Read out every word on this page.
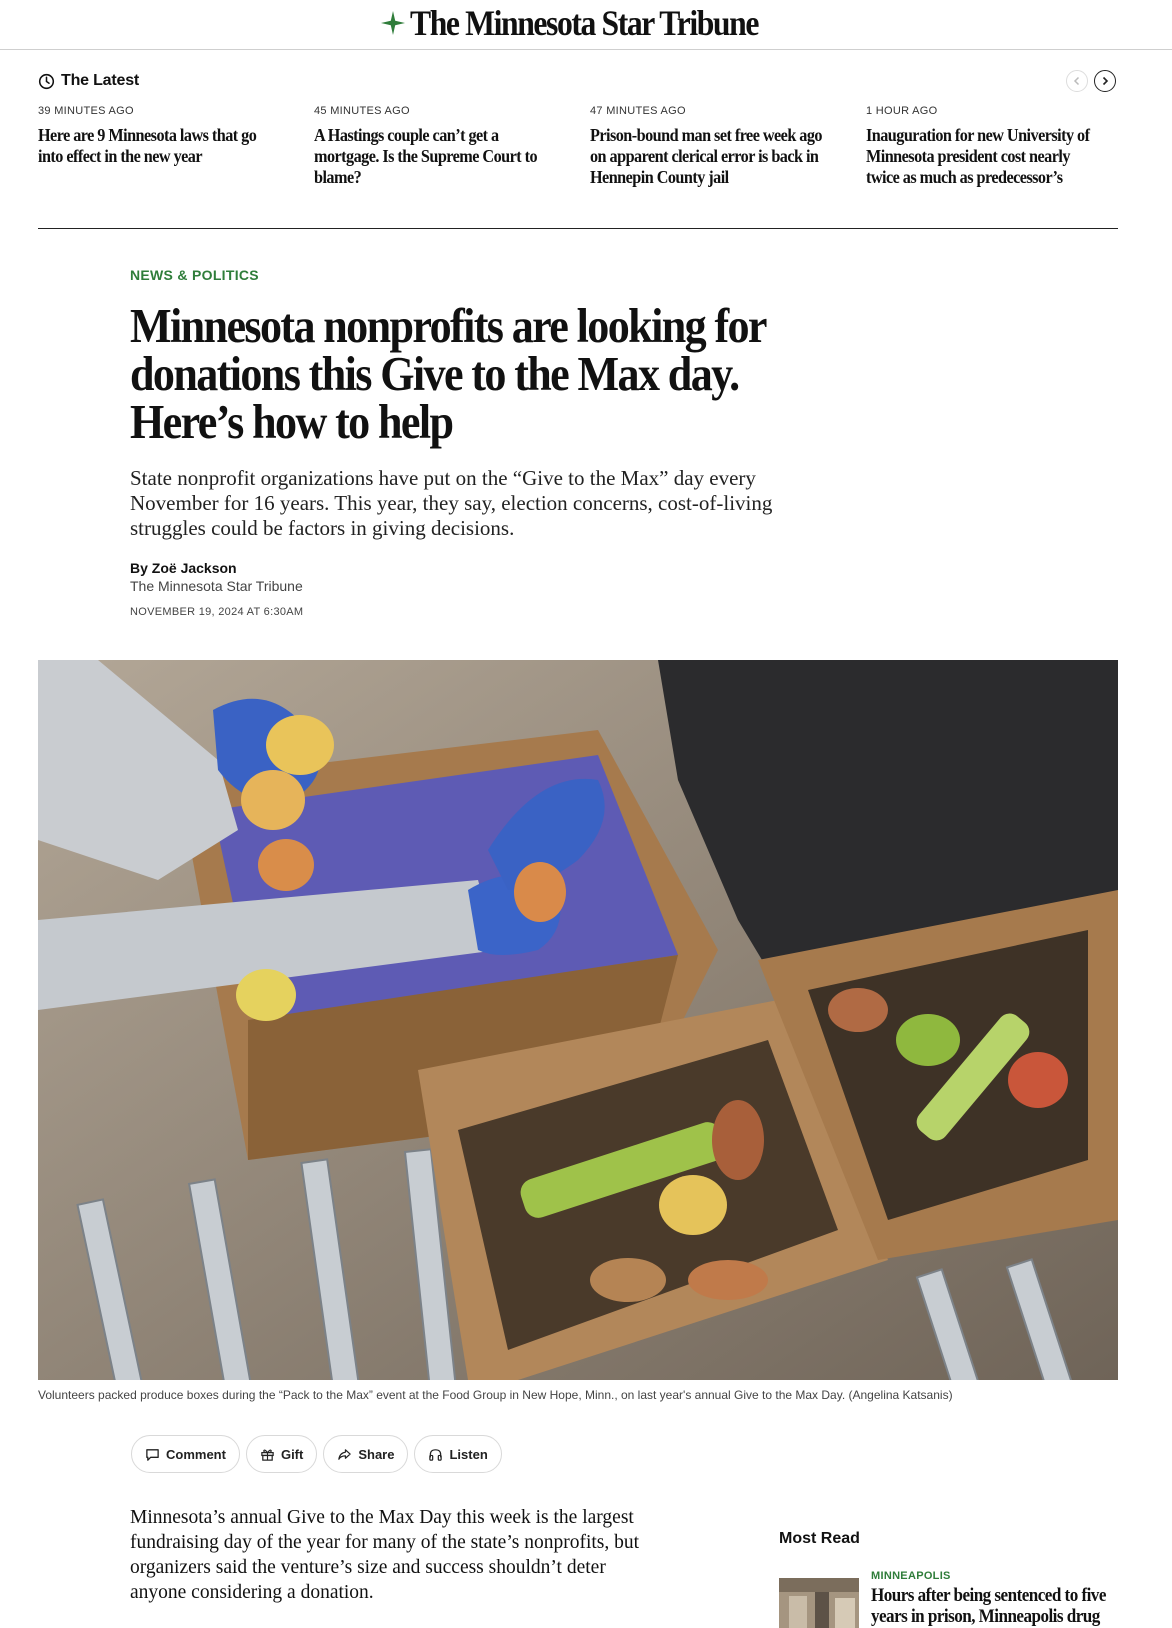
The Minnesota Star Tribune
The Latest
39 MINUTES AGO
Here are 9 Minnesota laws that go into effect in the new year
45 MINUTES AGO
A Hastings couple can’t get a mortgage. Is the Supreme Court to blame?
47 MINUTES AGO
Prison-bound man set free week ago on apparent clerical error is back in Hennepin County jail
1 HOUR AGO
Inauguration for new University of Minnesota president cost nearly twice as much as predecessor’s
NEWS & POLITICS
Minnesota nonprofits are looking for donations this Give to the Max day. Here’s how to help

State nonprofit organizations have put on the “Give to the Max” day every November for 16 years. This year, they say, election concerns, cost-of-living struggles could be factors in giving decisions.

By Zoë Jackson
The Minnesota Star Tribune
NOVEMBER 19, 2024 AT 6:30AM
Volunteers packed produce boxes during the “Pack to the Max” event at the Food Group in New Hope, Minn., on last year's annual Give to the Max Day. (Angelina Katsanis)
Comment	Gift	Share	Listen

Minnesota’s annual Give to the Max Day this week is the largest fundraising day of the year for many of the state’s nonprofits, but organizers said the venture’s size and success shouldn’t deter anyone considering a donation.

Most Read
MINNEAPOLIS

Hours after being sentenced to five years in prison, Minneapolis drug
